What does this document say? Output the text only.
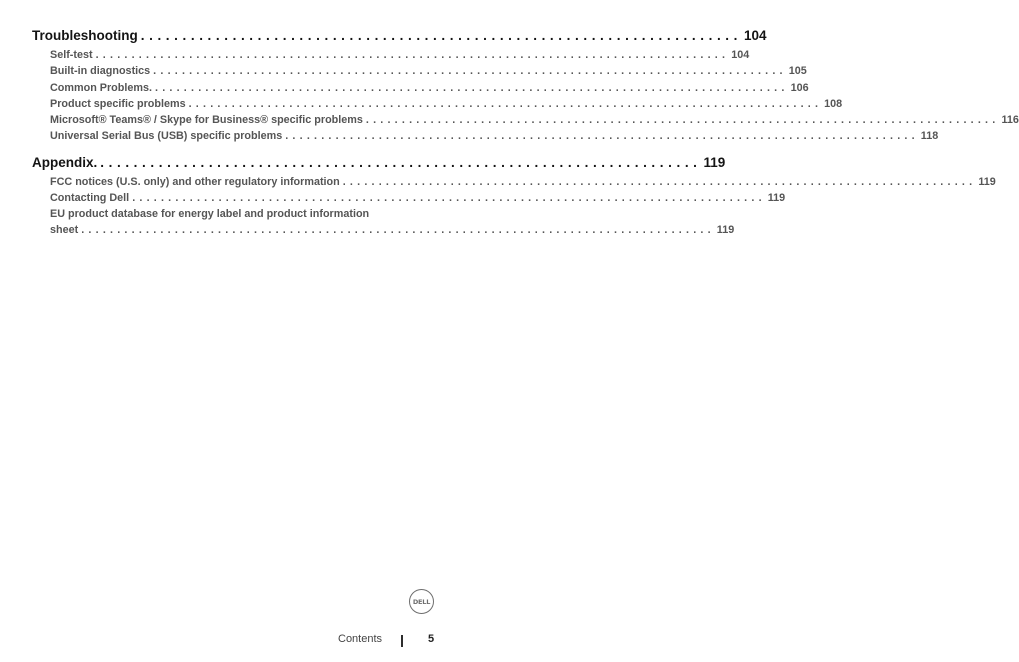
Troubleshooting ........................................................................ 104
Self-test ........................................................................................ 104
Built-in diagnostics ........................................................................................ 105
Common Problems. ........................................................................................ 106
Product specific problems ........................................................................................ 108
Microsoft® Teams® / Skype for Business® specific problems ........................................................................................ 116
Universal Serial Bus (USB) specific problems ........................................................................................ 118
Appendix. ........................................................................ 119
FCC notices (U.S. only) and other regulatory information ........................................................................................ 119
Contacting Dell ........................................................................................ 119
EU product database for energy label and product information
sheet ........................................................................................ 119
DELL
Contents	5
